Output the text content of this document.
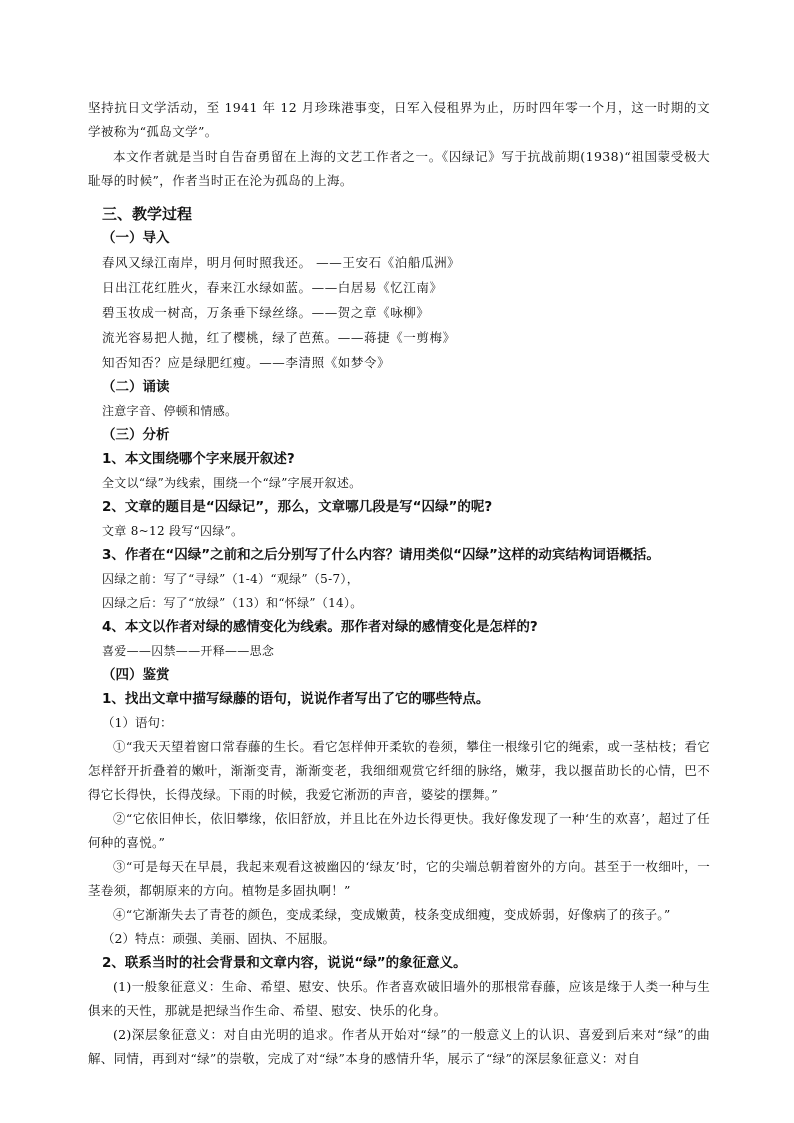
坚持抗日文学活动，至 1941 年 12 月珍珠港事变，日军入侵租界为止，历时四年零一个月，这一时期的文学被称为“孤岛文学”。

本文作者就是当时自告奋勇留在上海的文艺工作者之一。《囚绿记》写于抗战前期(1938)“祖国蒙受极大耻辱的时候”，作者当时正在沦为孤岛的上海。

三、教学过程
（一）导入
春风又绿江南岸，明月何时照我还。 ——王安石《泊船瓜洲》
日出江花红胜火，春来江水绿如蓝。——白居易《忆江南》
碧玉妆成一树高，万条垂下绿丝绦。——贺之章《咏柳》
流光容易把人抛，红了樱桃，绿了芭蕉。——蒋捷《一剪梅》
知否知否？应是绿肥红瘦。——李清照《如梦令》
（二）诵读
注意字音、停顿和情感。
（三）分析
1、本文围绕哪个字来展开叙述?
全文以“绿”为线索，围绕一个“绿”字展开叙述。
2、文章的题目是“囚绿记”，那么，文章哪几段是写“囚绿”的呢?
文章 8~12 段写“囚绿”。
3、作者在“囚绿”之前和之后分别写了什么内容？请用类似“囚绿”这样的动宾结构词语概括。
囚绿之前：写了“寻绿”（1-4）“观绿”（5-7），
囚绿之后：写了“放绿”（13）和“怀绿”（14）。
4、本文以作者对绿的感情变化为线索。那作者对绿的感情变化是怎样的?
喜爱——囚禁——开释——思念
（四）鉴赏
1、找出文章中描写绿藤的语句，说说作者写出了它的哪些特点。
（1）语句：

①“我天天望着窗口常春藤的生长。看它怎样伸开柔软的卷须，攀住一根缘引它的绳索，或一茎枯枝；看它怎样舒开折叠着的嫩叶，渐渐变青，渐渐变老，我细细观赏它纤细的脉络，嫩芽，我以揠苗助长的心情，巴不得它长得快，长得茂绿。下雨的时候，我爱它淅沥的声音，婆娑的摆舞。”

②“它依旧伸长，依旧攀缘，依旧舒放，并且比在外边长得更快。我好像发现了一种‘生的欢喜’，超过了任何种的喜悦。”

③“可是每天在早晨，我起来观看这被幽囚的‘绿友’时，它的尖端总朝着窗外的方向。甚至于一枚细叶，一茎卷须，都朝原来的方向。植物是多固执啊！”

④“它渐渐失去了青苍的颜色，变成柔绿，变成嫩黄，枝条变成细瘦，变成娇弱，好像病了的孩子。”

（2）特点：顽强、美丽、固执、不屈服。
2、联系当时的社会背景和文章内容，说说“绿”的象征意义。

(1)一般象征意义：生命、希望、慰安、快乐。作者喜欢破旧墙外的那根常春藤，应该是缘于人类一种与生俱来的天性，那就是把绿当作生命、希望、慰安、快乐的化身。

(2)深层象征意义：对自由光明的追求。作者从开始对“绿”的一般意义上的认识、喜爱到后来对“绿”的曲解、同情，再到对“绿”的崇敬，完成了对“绿”本身的感情升华，展示了“绿”的深层象征意义：对自
